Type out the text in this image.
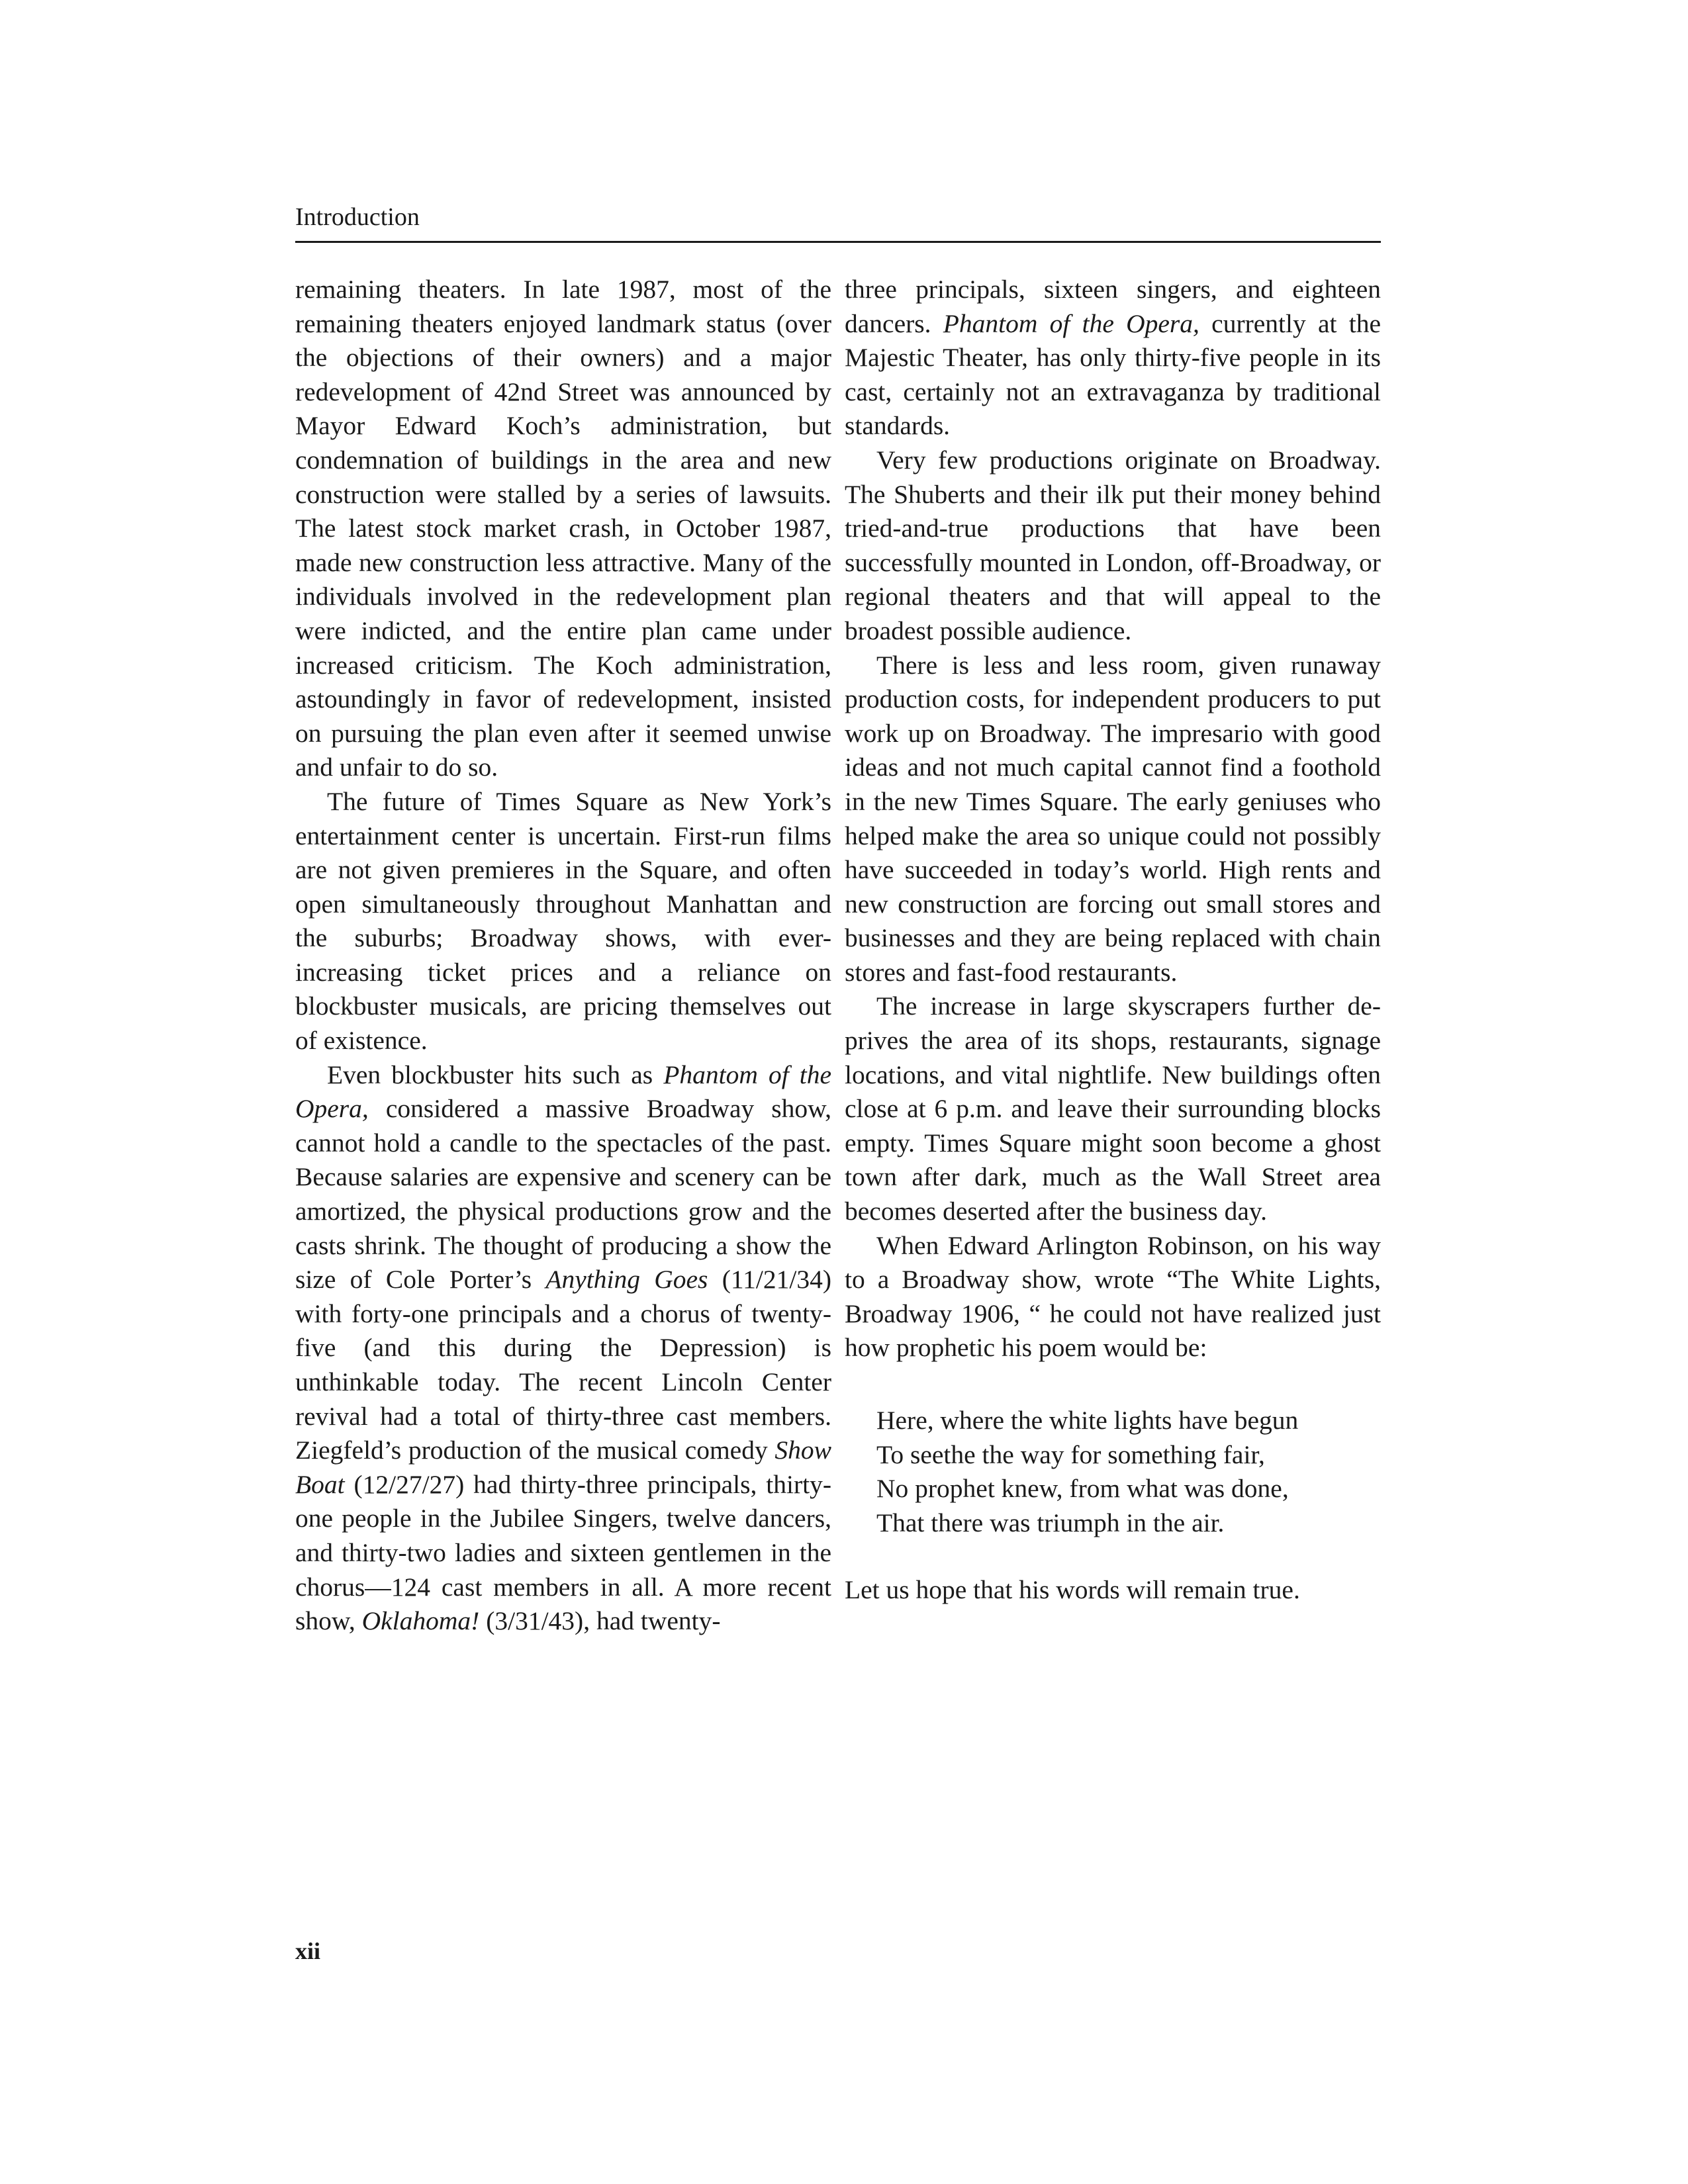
Introduction

remaining theaters. In late 1987, most of the remaining theaters enjoyed landmark status (over the objections of their owners) and a major redevelopment of 42nd Street was announced by Mayor Edward Koch’s administration, but condemnation of buildings in the area and new construction were stalled by a series of lawsuits. The latest stock market crash, in October 1987, made new construction less attractive. Many of the individuals involved in the redevelopment plan were indicted, and the entire plan came under increased criticism. The Koch administration, astoundingly in favor of redevelopment, insisted on pursuing the plan even after it seemed unwise and unfair to do so.

The future of Times Square as New York’s entertainment center is uncertain. First-run films are not given premieres in the Square, and often open simultaneously throughout Manhattan and the suburbs; Broadway shows, with ever-increasing ticket prices and a reliance on blockbuster musicals, are pricing themselves out of existence.

Even blockbuster hits such as Phantom of the Opera, considered a massive Broadway show, cannot hold a candle to the spectacles of the past. Because salaries are expensive and scenery can be amortized, the physical productions grow and the casts shrink. The thought of producing a show the size of Cole Porter’s Anything Goes (11/21/34) with forty-one principals and a chorus of twenty-five (and this during the Depression) is unthinkable today. The recent Lincoln Center revival had a total of thirty-three cast members. Ziegfeld’s production of the musical comedy Show Boat (12/27/27) had thirty-three principals, thirty-one people in the Jubilee Singers, twelve dancers, and thirty-two ladies and sixteen gentlemen in the chorus—124 cast members in all. A more recent show, Oklahoma! (3/31/43), had twenty-

three principals, sixteen singers, and eighteen dancers. Phantom of the Opera, currently at the Majestic Theater, has only thirty-five people in its cast, certainly not an extravaganza by traditional standards.

Very few productions originate on Broadway. The Shuberts and their ilk put their money behind tried-and-true productions that have been successfully mounted in London, off-Broadway, or regional theaters and that will appeal to the broadest possible audience.

There is less and less room, given runaway production costs, for independent producers to put work up on Broadway. The impresario with good ideas and not much capital cannot find a foothold in the new Times Square. The early geniuses who helped make the area so unique could not possibly have succeeded in today’s world. High rents and new construction are forcing out small stores and businesses and they are being replaced with chain stores and fast-food restaurants.

The increase in large skyscrapers further deprives the area of its shops, restaurants, signage locations, and vital nightlife. New buildings often close at 6 p.m. and leave their surrounding blocks empty. Times Square might soon become a ghost town after dark, much as the Wall Street area becomes deserted after the business day.

When Edward Arlington Robinson, on his way to a Broadway show, wrote “The White Lights, Broadway 1906, “ he could not have realized just how prophetic his poem would be:

Here, where the white lights have begun
To seethe the way for something fair,
No prophet knew, from what was done,
That there was triumph in the air.

Let us hope that his words will remain true.

xii
